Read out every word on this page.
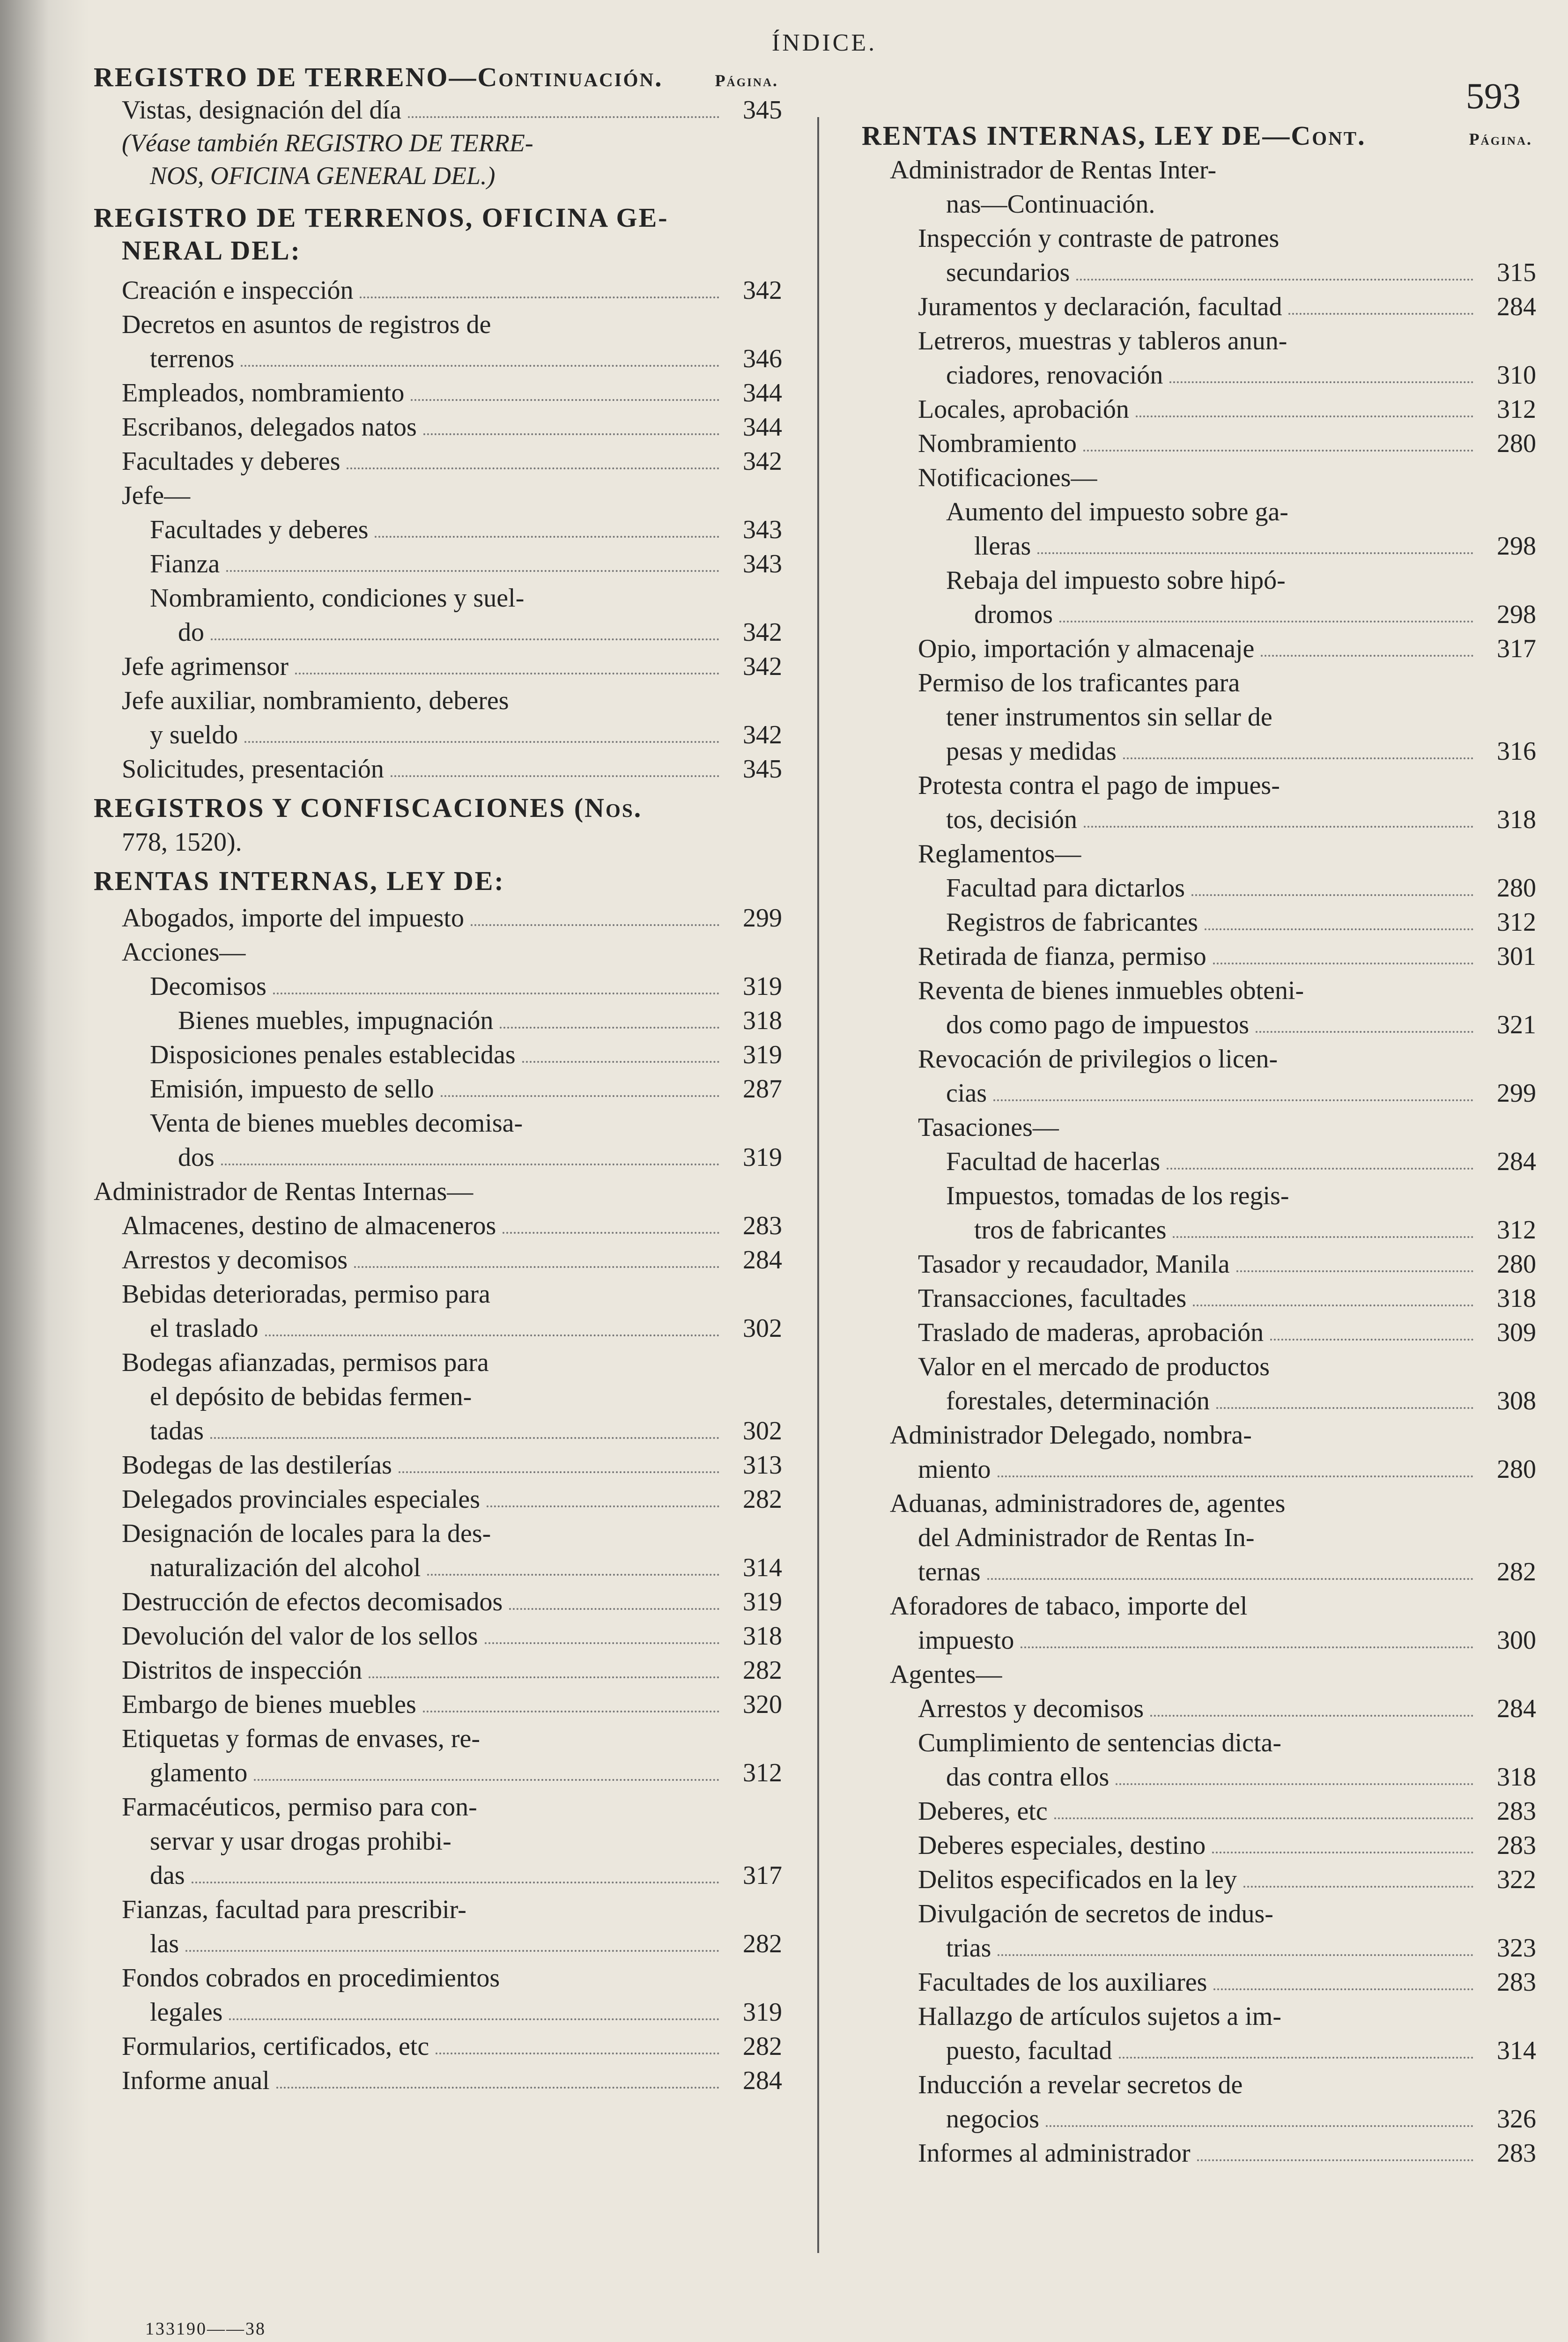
ÍNDICE.
593
REGISTRO DE TERRENO—Continuación.	Página.
Vistas, designación del día	345
(Véase también REGISTRO DE TERRE-
NOS, OFICINA GENERAL DEL.)
REGISTRO DE TERRENOS, OFICINA GE-
NERAL DEL:
Creación e inspección	342
Decretos en asuntos de registros de
terrenos	346
Empleados, nombramiento	344
Escribanos, delegados natos	344
Facultades y deberes	342
Jefe—
Facultades y deberes	343
Fianza	343
Nombramiento, condiciones y suel-
do	342
Jefe agrimensor	342
Jefe auxiliar, nombramiento, deberes
y sueldo	342
Solicitudes, presentación	345
REGISTROS Y CONFISCACIONES (Nos.
778, 1520).
RENTAS INTERNAS, LEY DE:
Abogados, importe del impuesto	299
Acciones—
Decomisos	319
Bienes muebles, impugnación	318
Disposiciones penales establecidas	319
Emisión, impuesto de sello	287
Venta de bienes muebles decomisa-
dos	319
Administrador de Rentas Internas—
Almacenes, destino de almaceneros	283
Arrestos y decomisos	284
Bebidas deterioradas, permiso para
el traslado	302
Bodegas afianzadas, permisos para
el depósito de bebidas fermen-
tadas	302
Bodegas de las destilerías	313
Delegados provinciales especiales	282
Designación de locales para la des-
naturalización del alcohol	314
Destrucción de efectos decomisados	319
Devolución del valor de los sellos	318
Distritos de inspección	282
Embargo de bienes muebles	320
Etiquetas y formas de envases, re-
glamento	312
Farmacéuticos, permiso para con-
servar y usar drogas prohibi-
das	317
Fianzas, facultad para prescribir-
las	282
Fondos cobrados en procedimientos
legales	319
Formularios, certificados, etc	282
Informe anual	284
RENTAS INTERNAS, LEY DE—Cont.	Página.
Administrador de Rentas Inter-
nas—Continuación.
Inspección y contraste de patrones
secundarios	315
Juramentos y declaración, facultad	284
Letreros, muestras y tableros anun-
ciadores, renovación	310
Locales, aprobación	312
Nombramiento	280
Notificaciones—
Aumento del impuesto sobre ga-
lleras	298
Rebaja del impuesto sobre hipó-
dromos	298
Opio, importación y almacenaje	317
Permiso de los traficantes para
tener instrumentos sin sellar de
pesas y medidas	316
Protesta contra el pago de impues-
tos, decisión	318
Reglamentos—
Facultad para dictarlos	280
Registros de fabricantes	312
Retirada de fianza, permiso	301
Reventa de bienes inmuebles obteni-
dos como pago de impuestos	321
Revocación de privilegios o licen-
cias	299
Tasaciones—
Facultad de hacerlas	284
Impuestos, tomadas de los regis-
tros de fabricantes	312
Tasador y recaudador, Manila	280
Transacciones, facultades	318
Traslado de maderas, aprobación	309
Valor en el mercado de productos
forestales, determinación	308
Administrador Delegado, nombra-
miento	280
Aduanas, administradores de, agentes
del Administrador de Rentas In-
ternas	282
Aforadores de tabaco, importe del
impuesto	300
Agentes—
Arrestos y decomisos	284
Cumplimiento de sentencias dicta-
das contra ellos	318
Deberes, etc	283
Deberes especiales, destino	283
Delitos especificados en la ley	322
Divulgación de secretos de indus-
trias	323
Facultades de los auxiliares	283
Hallazgo de artículos sujetos a im-
puesto, facultad	314
Inducción a revelar secretos de
negocios	326
Informes al administrador	283
133190——38
